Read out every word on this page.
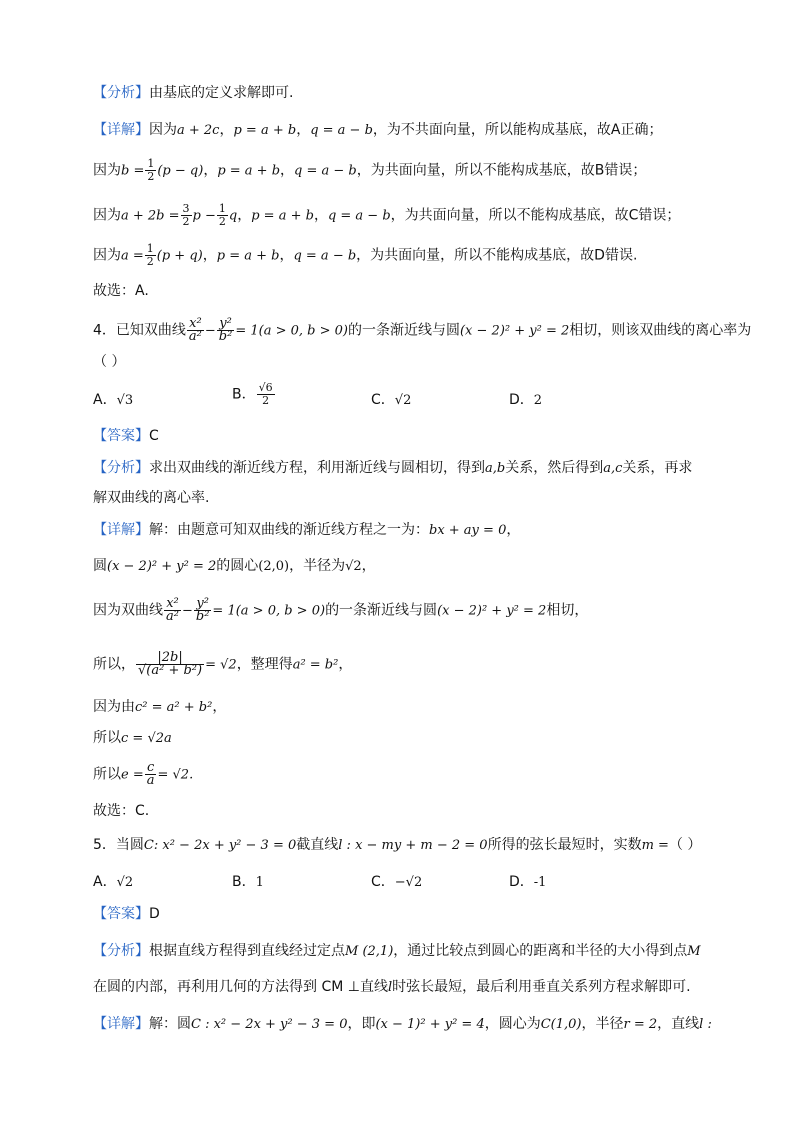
【分析】由基底的定义求解即可.
【详解】因为a + 2c，p = a + b，q = a − b，为不共面向量，所以能构成基底，故A正确；
因为$b = \frac{1}{2} (p - q)$，p = a + b，q = a − b，为共面向量，所以不能构成基底，故B错误；
因为$a + 2b = \frac{3}{2}$ $p - \frac{1}{2}$ q，p = a + b，q = a − b，为共面向量，所以不能构成基底，故C错误；
因为$a = \frac{1}{2} (p + q)$，p = a + b，q = a − b，为共面向量，所以不能构成基底，故D错误.
故选：A.
4．已知双曲线 $\frac{\text{x²}}{\text{a²}} - \frac{\text{y²}}{\text{b²}} = 1(a > 0$, b > 0)的一条渐近线与圆(x − 2)² + y² = 2相切，则该双曲线的离心率为
（ ）
A．√3	B． $\frac{√6}{2}$	C．√2	D．2
【答案】C
【分析】求出双曲线的渐近线方程，利用渐近线与圆相切，得到a,b关系，然后得到a,c关系，再求
解双曲线的离心率.
【详解】解：由题意可知双曲线的渐近线方程之一为：bx + ay = 0，
圆(x − 2)² + y² = 2的圆心(2,0)，半径为√2，
因为双曲线 $\frac{\text{x²}}{\text{a²}} - \frac{\text{y²}}{\text{b²}} = 1(a > 0$, b > 0)的一条渐近线与圆(x − 2)² + y² = 2相切，
所以， $\frac{|2b|}{\text{√(a² + b²)}} = √2$，整理得a² = b²，
因为由c² = a² + b²，
所以c = √2a
所以$e = \frac{c}{a} = √2$.
故选：C.
5．当圆C: x² − 2x + y² − 3 = 0截直线l : x − my + m − 2 = 0所得的弦长最短时，实数m =（ ）
A．√2	B．1	C．−√2	D．-1
【答案】D
【分析】根据直线方程得到直线经过定点M (2,1)，通过比较点到圆心的距离和半径的大小得到点M
在圆的内部，再利用几何的方法得到 CM ⊥直线l时弦长最短，最后利用垂直关系列方程求解即可.
【详解】解：圆C : x² − 2x + y² − 3 = 0，即(x − 1)² + y² = 4，圆心为C(1,0)，半径r = 2，直线l :
